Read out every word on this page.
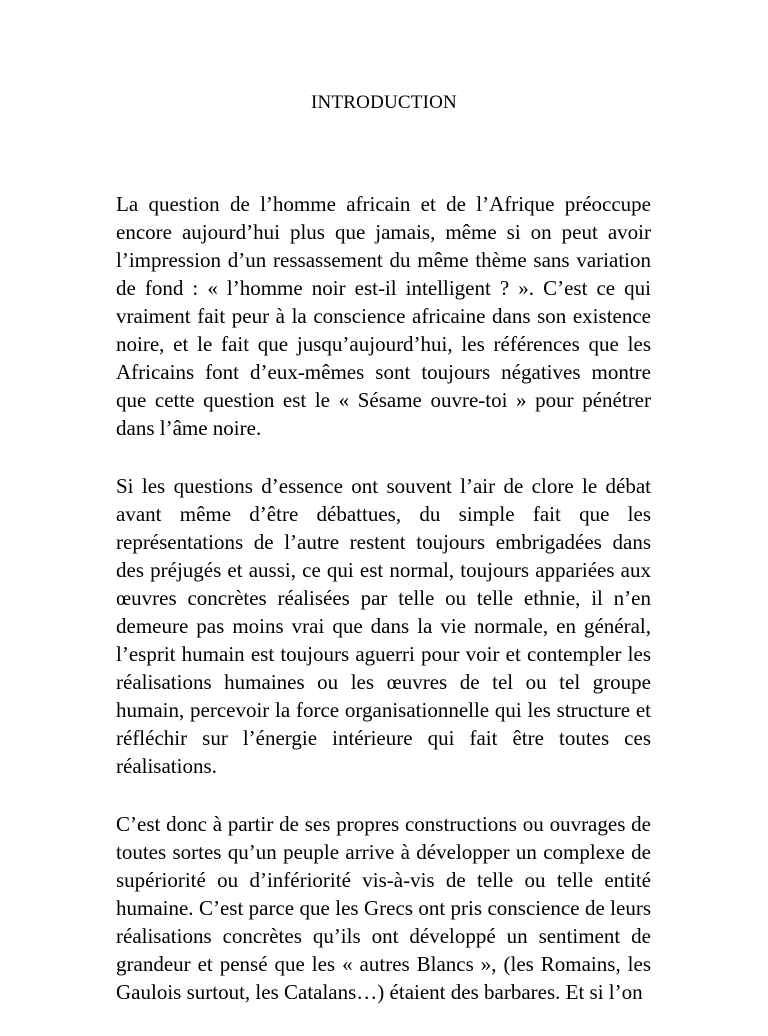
INTRODUCTION

La question de l’homme africain et de l’Afrique préoccupe encore aujourd’hui plus que jamais, même si on peut avoir l’impression d’un ressassement du même thème sans variation de fond : « l’homme noir est-il intelligent ? ». C’est ce qui vraiment fait peur à la conscience africaine dans son existence noire, et le fait que jusqu’aujourd’hui, les références que les Africains font d’eux-mêmes sont toujours négatives montre que cette question est le « Sésame ouvre-toi » pour pénétrer dans l’âme noire.

Si les questions d’essence ont souvent l’air de clore le débat avant même d’être débattues, du simple fait que les représentations de l’autre restent toujours embrigadées dans des préjugés et aussi, ce qui est normal, toujours appariées aux œuvres concrètes réalisées par telle ou telle ethnie, il n’en demeure pas moins vrai que dans la vie normale, en général, l’esprit humain est toujours aguerri pour voir et contempler les réalisations humaines ou les œuvres de tel ou tel groupe humain, percevoir la force organisationnelle qui les structure et réfléchir sur l’énergie intérieure qui fait être toutes ces réalisations.

C’est donc à partir de ses propres constructions ou ouvrages de toutes sortes qu’un peuple arrive à développer un complexe de supériorité ou d’infériorité vis-à-vis de telle ou telle entité humaine. C’est parce que les Grecs ont pris conscience de leurs réalisations concrètes qu’ils ont développé un sentiment de grandeur et pensé que les « autres Blancs », (les Romains, les Gaulois surtout, les Catalans…) étaient des barbares. Et si l’on
